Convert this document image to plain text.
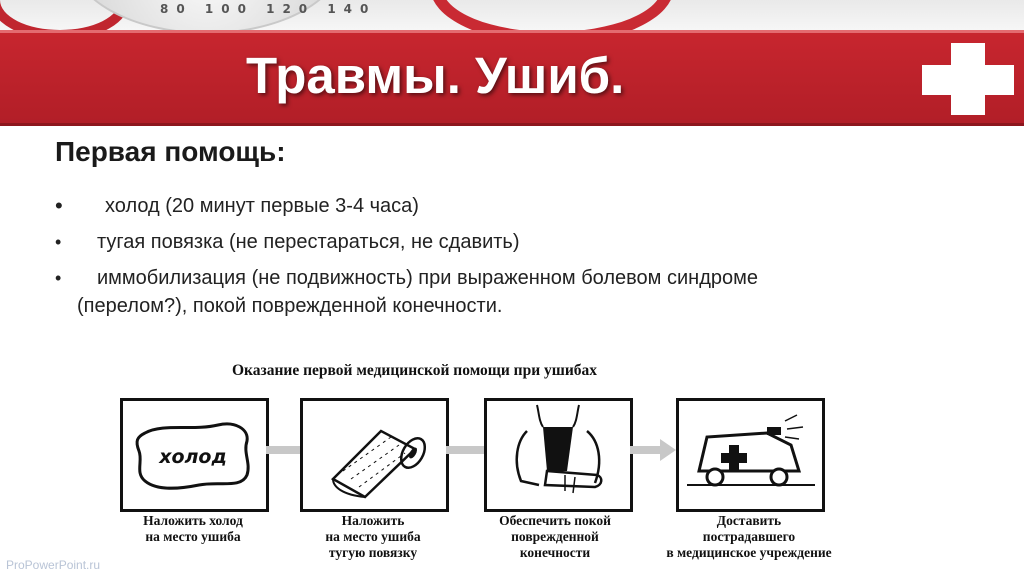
80 100 120 140
Травмы. Ушиб.
Первая помощь:
• холод (20 минут первые 3-4 часа)
• тугая повязка (не перестараться, не сдавить)
• иммобилизация (не подвижность) при выраженном болевом синдроме
(перелом?), покой поврежденной конечности.
Оказание первой медицинской помощи при ушибах
холод
Наложить холод
на место ушиба
Наложить
на место ушиба
тугую повязку
Обеспечить покой
поврежденной
конечности
Доставить
пострадавшего
в медицинское учреждение
ProPowerPoint.ru
